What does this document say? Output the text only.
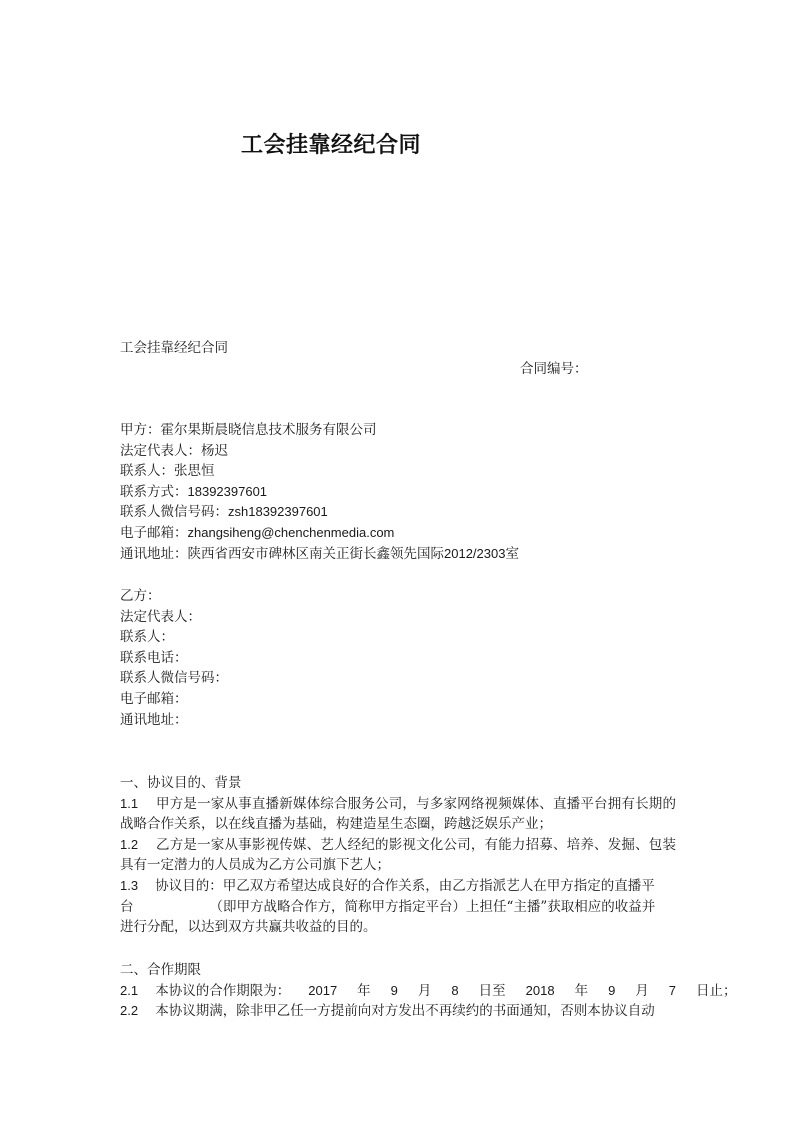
工会挂靠经纪合同
工会挂靠经纪合同
合同编号：
甲方：霍尔果斯晨晓信息技术服务有限公司
法定代表人：杨迟
联系人：张思恒
联系方式：18392397601
联系人微信号码：zsh18392397601
电子邮箱：zhangsiheng@chenchenmedia.com
通讯地址：陕西省西安市碑林区南关正街长鑫领先国际2012/2303室
乙方：
法定代表人：
联系人：
联系电话：
联系人微信号码：
电子邮箱：
通讯地址：
一、协议目的、背景
1.1 甲方是一家从事直播新媒体综合服务公司，与多家网络视频媒体、直播平台拥有长期的战略合作关系，以在线直播为基础，构建造星生态圈，跨越泛娱乐产业；
1.2 乙方是一家从事影视传媒、艺人经纪的影视文化公司，有能力招募、培养、发掘、包装具有一定潜力的人员成为乙方公司旗下艺人；
1.3 协议目的：甲乙双方希望达成良好的合作关系，由乙方指派艺人在甲方指定的直播平
台	（即甲方战略合作方，简称甲方指定平台）上担任“主播”获取相应的收益并
进行分配，以达到双方共赢共收益的目的。
二、合作期限
2.1 本协议的合作期限为： 2017 年 9 月 8 日至 2018 年 9 月 7 日止；
2.2 本协议期满，除非甲乙任一方提前向对方发出不再续约的书面通知，否则本协议自动
